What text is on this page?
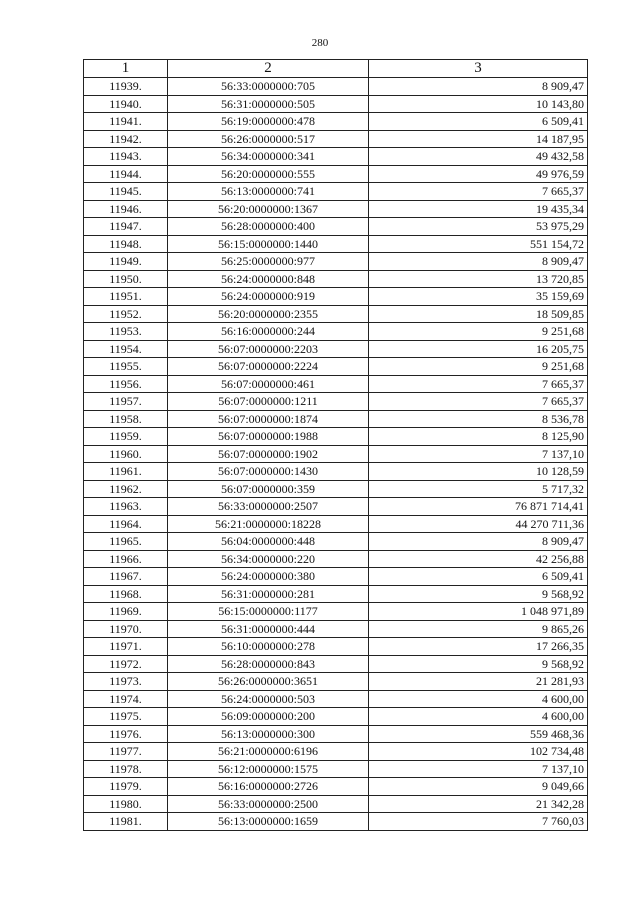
280
1	2	3
11939.	56:33:0000000:705	8 909,47
11940.	56:31:0000000:505	10 143,80
11941.	56:19:0000000:478	6 509,41
11942.	56:26:0000000:517	14 187,95
11943.	56:34:0000000:341	49 432,58
11944.	56:20:0000000:555	49 976,59
11945.	56:13:0000000:741	7 665,37
11946.	56:20:0000000:1367	19 435,34
11947.	56:28:0000000:400	53 975,29
11948.	56:15:0000000:1440	551 154,72
11949.	56:25:0000000:977	8 909,47
11950.	56:24:0000000:848	13 720,85
11951.	56:24:0000000:919	35 159,69
11952.	56:20:0000000:2355	18 509,85
11953.	56:16:0000000:244	9 251,68
11954.	56:07:0000000:2203	16 205,75
11955.	56:07:0000000:2224	9 251,68
11956.	56:07:0000000:461	7 665,37
11957.	56:07:0000000:1211	7 665,37
11958.	56:07:0000000:1874	8 536,78
11959.	56:07:0000000:1988	8 125,90
11960.	56:07:0000000:1902	7 137,10
11961.	56:07:0000000:1430	10 128,59
11962.	56:07:0000000:359	5 717,32
11963.	56:33:0000000:2507	76 871 714,41
11964.	56:21:0000000:18228	44 270 711,36
11965.	56:04:0000000:448	8 909,47
11966.	56:34:0000000:220	42 256,88
11967.	56:24:0000000:380	6 509,41
11968.	56:31:0000000:281	9 568,92
11969.	56:15:0000000:1177	1 048 971,89
11970.	56:31:0000000:444	9 865,26
11971.	56:10:0000000:278	17 266,35
11972.	56:28:0000000:843	9 568,92
11973.	56:26:0000000:3651	21 281,93
11974.	56:24:0000000:503	4 600,00
11975.	56:09:0000000:200	4 600,00
11976.	56:13:0000000:300	559 468,36
11977.	56:21:0000000:6196	102 734,48
11978.	56:12:0000000:1575	7 137,10
11979.	56:16:0000000:2726	9 049,66
11980.	56:33:0000000:2500	21 342,28
11981.	56:13:0000000:1659	7 760,03
